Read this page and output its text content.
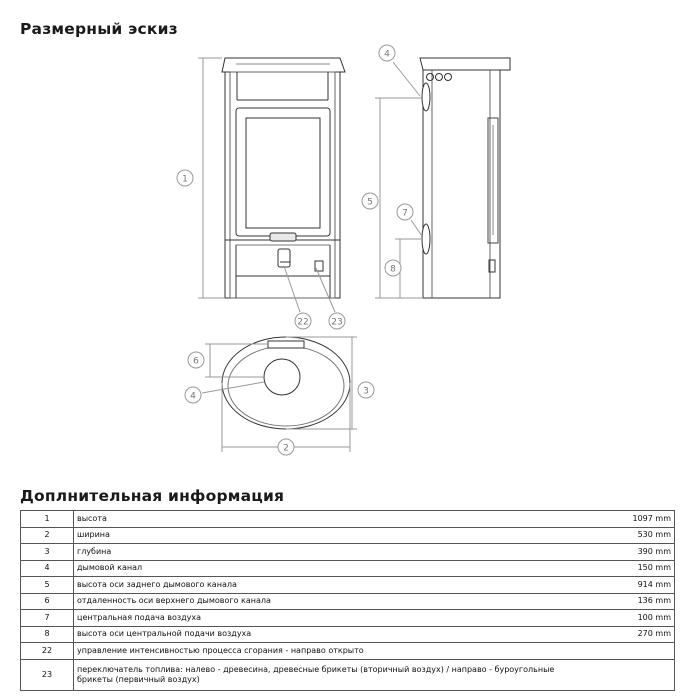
Размерный эскиз
1
22	23
4
5
7
8
6
4	3
2
Доплнительная информация
1	высота	1097 mm
2	ширина	530 mm
3	глубина	390 mm
4	дымовой канал	150 mm
5	высота оси заднего дымового канала	914 mm
6	отдаленность оси верхнего дымового канала	136 mm
7	центральная подача воздуха	100 mm
8	высота оси центральной подачи воздуха	270 mm
22	управление интенсивностью процесса сгорания - направо открыто	
23	переключатель топлива: налево - древесина, древесные брикеты (вторичный воздух) / направо - буроугольные брикеты (первичный воздух)	
